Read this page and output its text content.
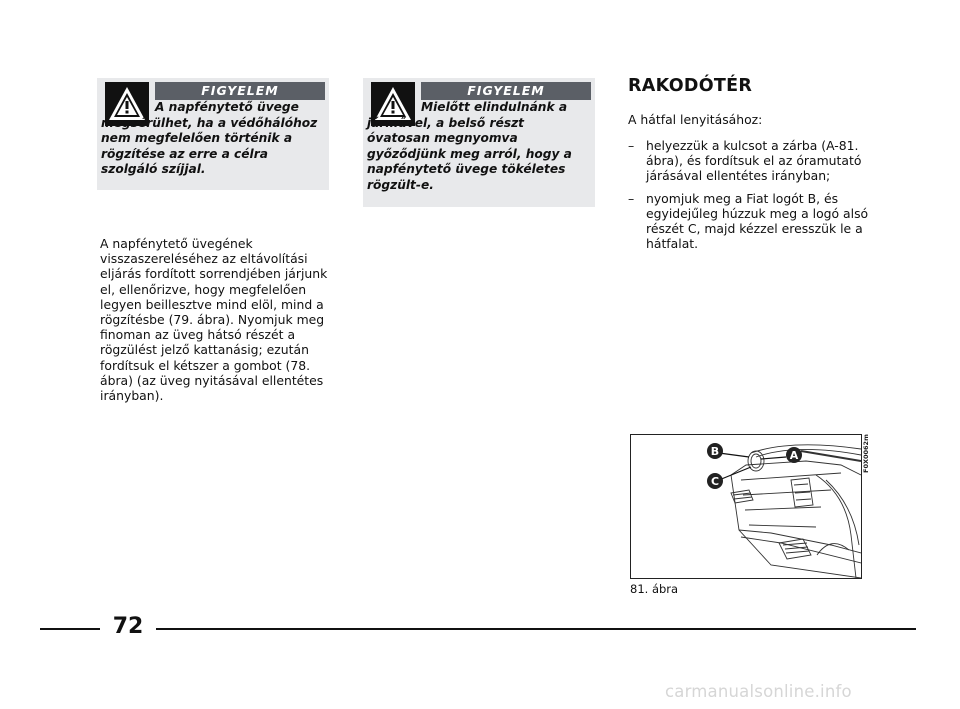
FIGYELEM

A napfénytető üvege megsérülhet, ha a védőhálóhoz nem megfelelően történik a rögzítése az erre a célra szolgáló szíjjal.

FIGYELEM

Mielőtt elindulnánk a járművel, a belső részt óvatosan megnyomva győződjünk meg arról, hogy a napfénytető üvege tökéletes rögzült-e.

A napfénytető üvegének visszaszereléséhez az eltávolítási eljárás fordított sorrendjében járjunk el, ellenőrizve, hogy megfelelően legyen beillesztve mind elöl, mind a rögzítésbe (79. ábra). Nyomjuk meg finoman az üveg hátsó részét a rögzülést jelző kattanásig; ezután fordítsuk el kétszer a gombot (78. ábra) (az üveg nyitásával ellentétes irányban).

RAKODÓTÉR

A hátfal lenyitásához:

– helyezzük a kulcsot a zárba (A-81. ábra), és fordítsuk el az óramutató járásával ellentétes irányban;
– nyomjuk meg a Fiat logót B, és egyidejűleg húzzuk meg a logó alsó részét C, majd kézzel eresszük le a hátfalat.
B
C
A	F0X0062m
81. ábra
72
carmanualsonline.info
